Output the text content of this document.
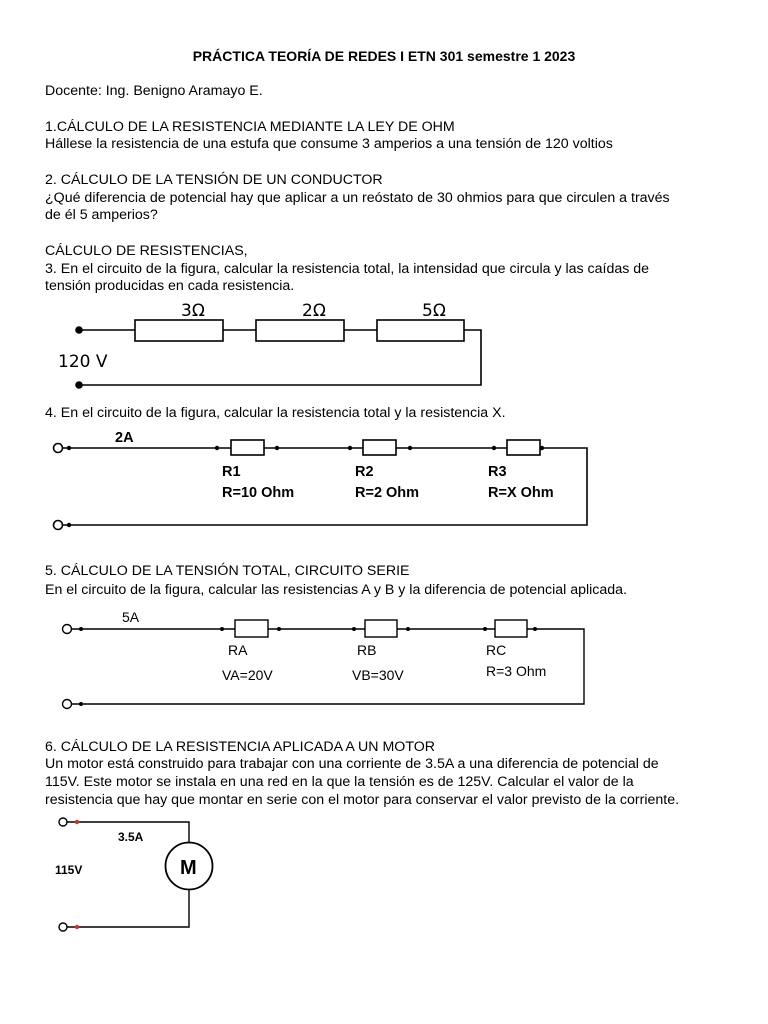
PRÁCTICA TEORÍA DE REDES I ETN 301 semestre 1 2023
Docente: Ing. Benigno Aramayo E.
1.CÁLCULO DE LA RESISTENCIA MEDIANTE LA LEY DE OHM
Hállese la resistencia de una estufa que consume 3 amperios a una tensión de 120 voltios
2. CÁLCULO DE LA TENSIÓN DE UN CONDUCTOR
¿Qué diferencia de potencial hay que aplicar a un reóstato de 30 ohmios para que circulen a través
de él 5 amperios?
CÁLCULO DE RESISTENCIAS,
3. En el circuito de la figura, calcular la resistencia total, la intensidad que circula y las caídas de
tensión producidas en cada resistencia.
4. En el circuito de la figura, calcular la resistencia total y la resistencia X.
5. CÁLCULO DE LA TENSIÓN TOTAL, CIRCUITO SERIE
En el circuito de la figura, calcular las resistencias A y B y la diferencia de potencial aplicada.
6. CÁLCULO DE LA RESISTENCIA APLICADA A UN MOTOR
Un motor está construido para trabajar con una corriente de 3.5A a una diferencia de potencial de
115V. Este motor se instala en una red en la que la tensión es de 125V. Calcular el valor de la
resistencia que hay que montar en serie con el motor para conservar el valor previsto de la corriente.
3Ω	2Ω	5Ω
120 V
2A
R1
R=10 Ohm
R2
R=2 Ohm
R3
R=X Ohm
5A
RA
VA=20V
RB
VB=30V
RC
R=3 Ohm
3.5A
115V	M
